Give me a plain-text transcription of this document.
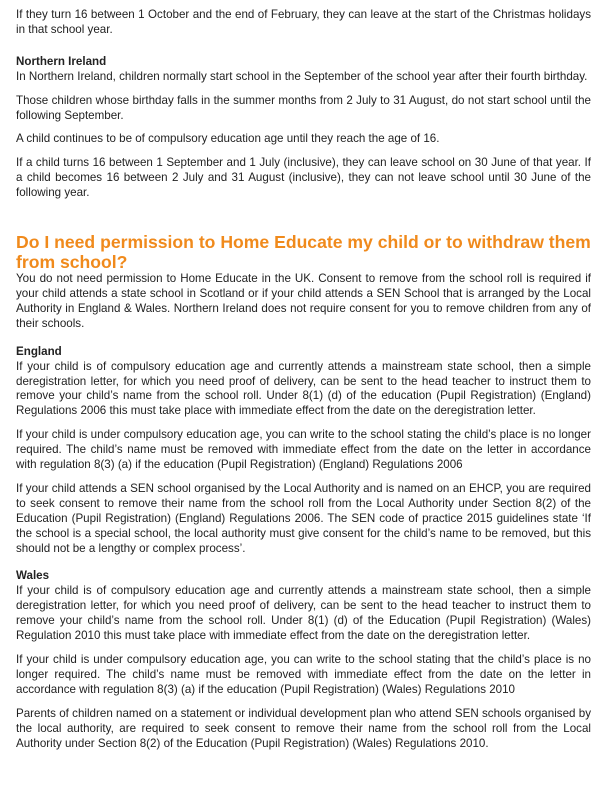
If they turn 16 between 1 October and the end of February, they can leave at the start of the Christmas holidays in that school year.

Northern Ireland

In Northern Ireland, children normally start school in the September of the school year after their fourth birthday.

Those children whose birthday falls in the summer months from 2 July to 31 August, do not start school until the following September.

A child continues to be of compulsory education age until they reach the age of 16.

If a child turns 16 between 1 September and 1 July (inclusive), they can leave school on 30 June of that year. If a child becomes 16 between 2 July and 31 August (inclusive), they can not leave school until 30 June of the following year.

Do I need permission to Home Educate my child or to withdraw them from school?

You do not need permission to Home Educate in the UK. Consent to remove from the school roll is required if your child attends a state school in Scotland or if your child attends a SEN School that is arranged by the Local Authority in England & Wales. Northern Ireland does not require consent for you to remove children from any of their schools.

England

If your child is of compulsory education age and currently attends a mainstream state school, then a simple deregistration letter, for which you need proof of delivery, can be sent to the head teacher to instruct them to remove your child’s name from the school roll. Under 8(1) (d) of the education (Pupil Registration) (England) Regulations 2006 this must take place with immediate effect from the date on the deregistration letter.

If your child is under compulsory education age, you can write to the school stating the child’s place is no longer required. The child’s name must be removed with immediate effect from the date on the letter in accordance with regulation 8(3) (a) if the education (Pupil Registration) (England) Regulations 2006

If your child attends a SEN school organised by the Local Authority and is named on an EHCP, you are required to seek consent to remove their name from the school roll from the Local Authority under Section 8(2) of the Education (Pupil Registration) (England) Regulations 2006. The SEN code of practice 2015 guidelines state ‘If the school is a special school, the local authority must give consent for the child’s name to be removed, but this should not be a lengthy or complex process’.

Wales

If your child is of compulsory education age and currently attends a mainstream state school, then a simple deregistration letter, for which you need proof of delivery, can be sent to the head teacher to instruct them to remove your child’s name from the school roll. Under 8(1) (d) of the Education (Pupil Registration) (Wales) Regulation 2010 this must take place with immediate effect from the date on the deregistration letter.

If your child is under compulsory education age, you can write to the school stating that the child’s place is no longer required. The child’s name must be removed with immediate effect from the date on the letter in accordance with regulation 8(3) (a) if the education (Pupil Registration) (Wales) Regulations 2010

Parents of children named on a statement or individual development plan who attend SEN schools organised by the local authority, are required to seek consent to remove their name from the school roll from the Local Authority under Section 8(2) of the Education (Pupil Registration) (Wales) Regulations 2010.
